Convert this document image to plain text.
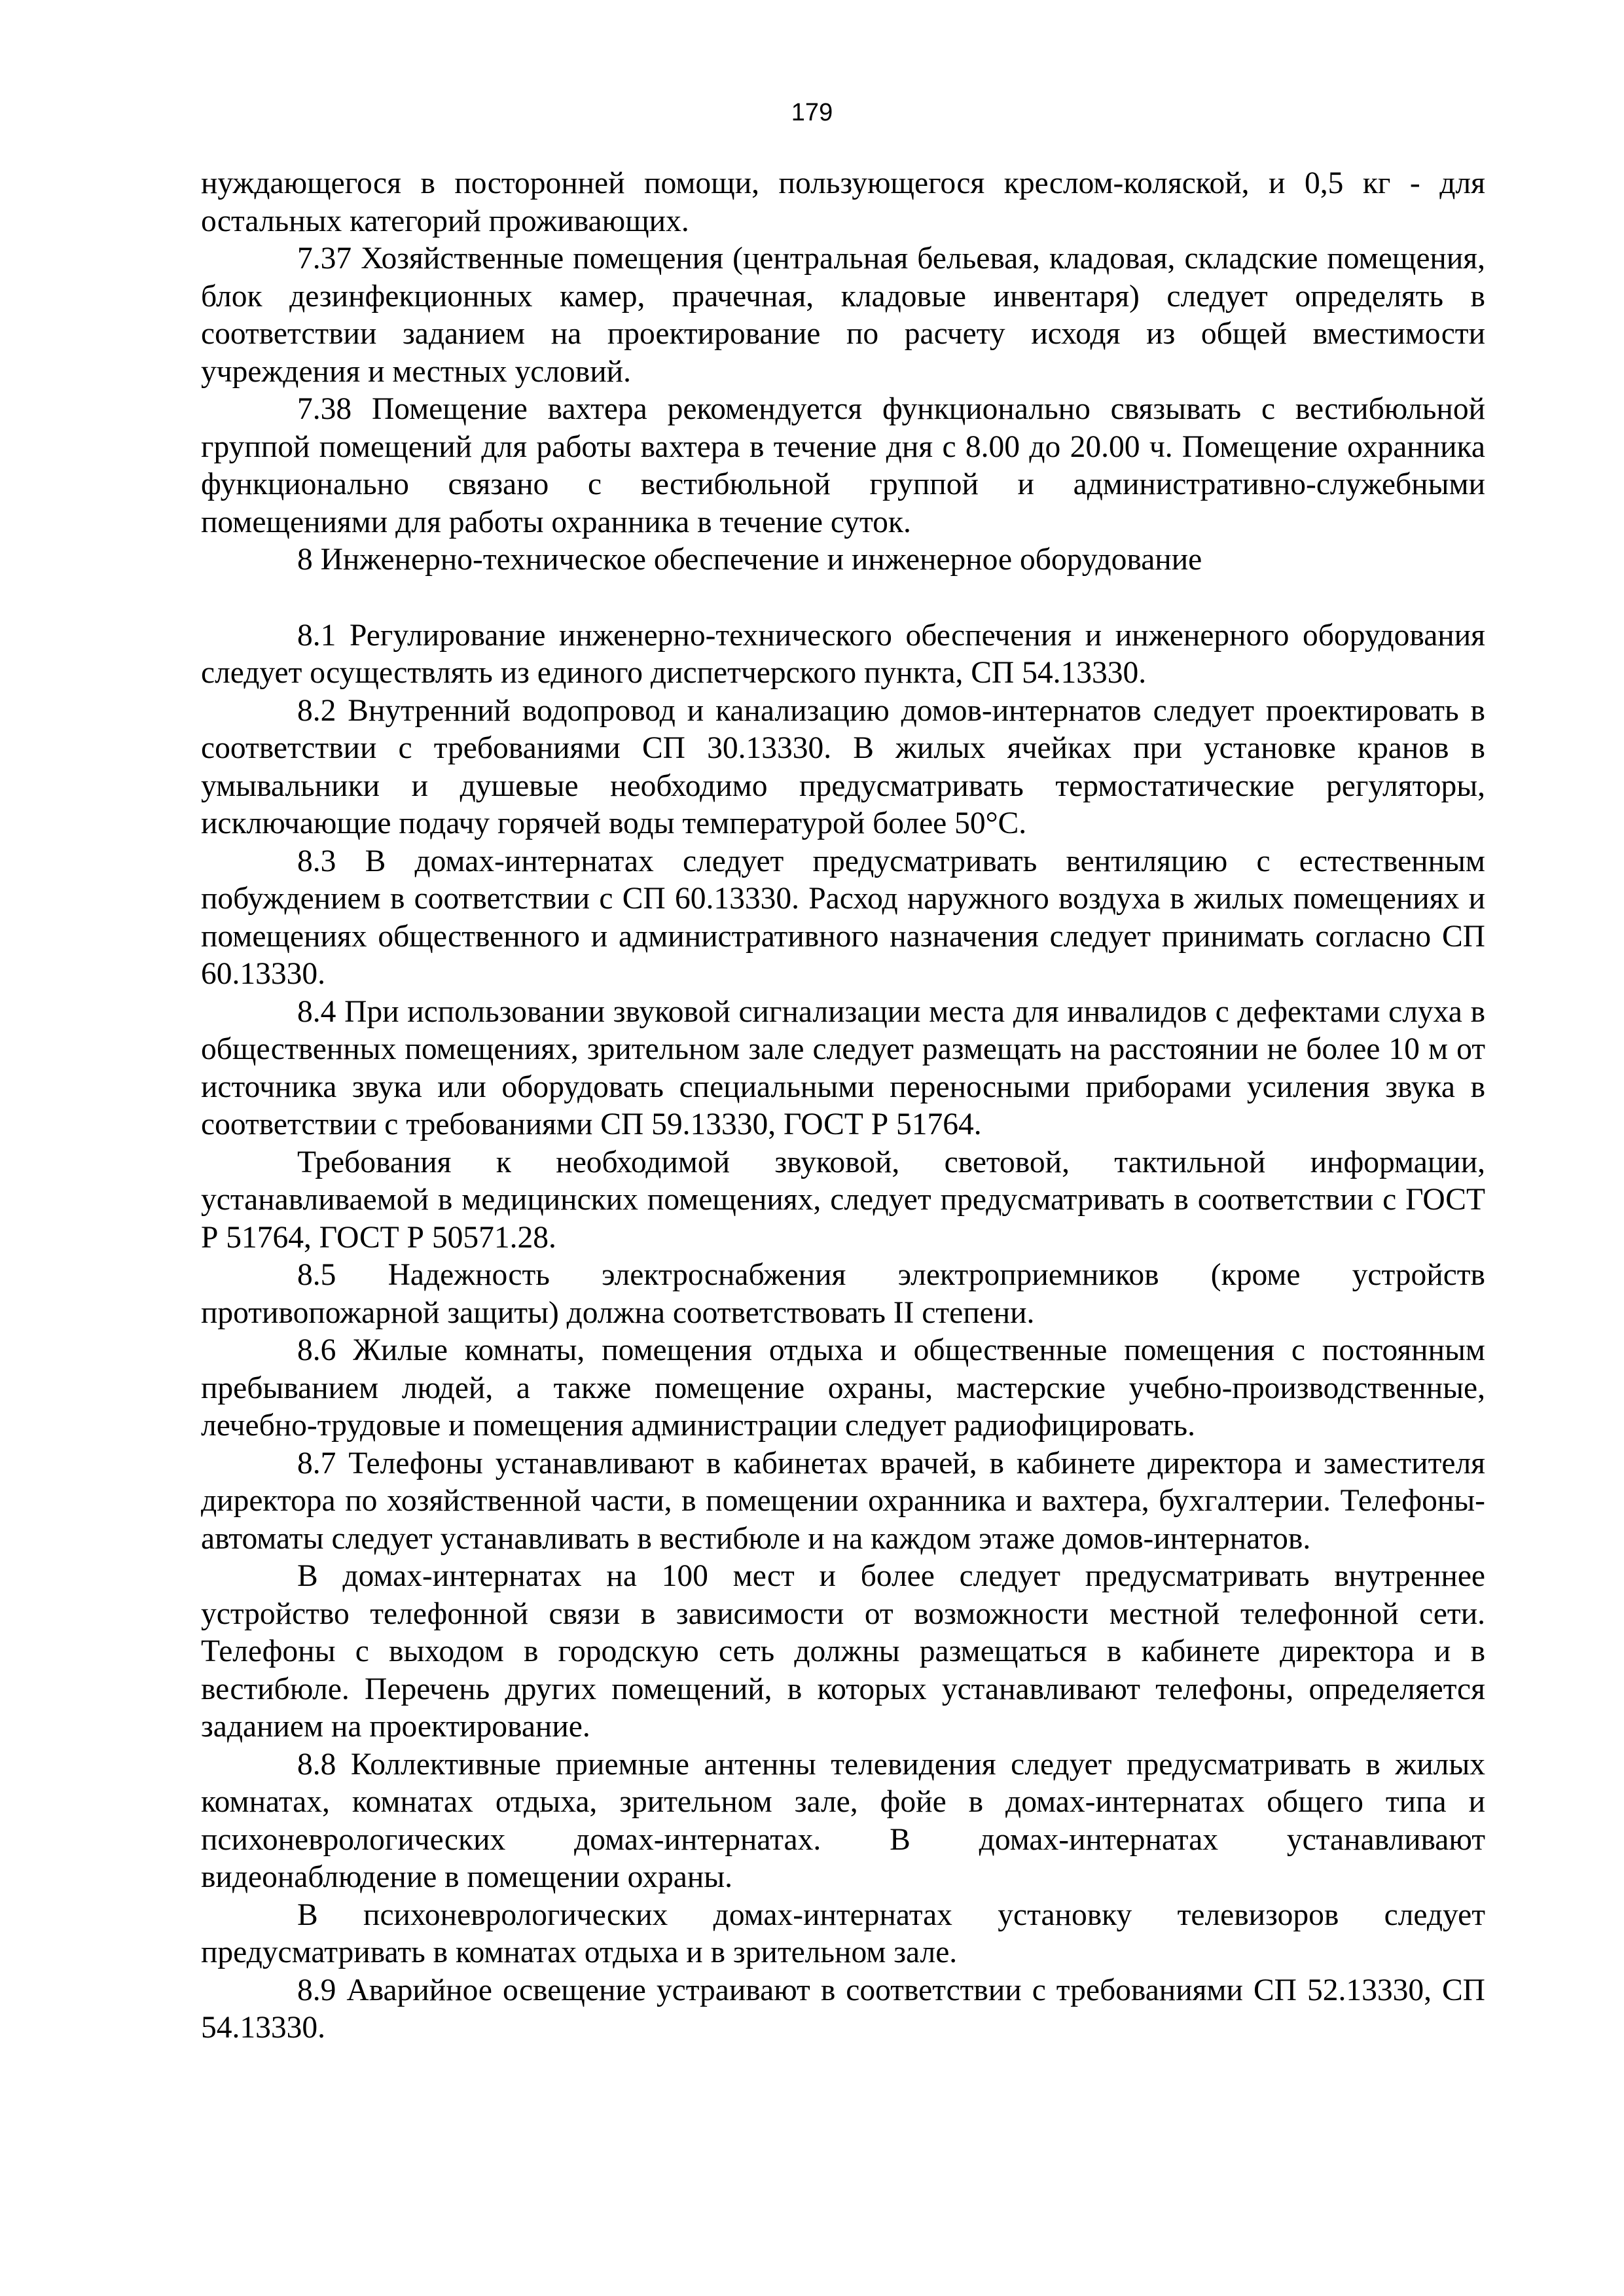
179

нуждающегося в посторонней помощи, пользующегося креслом-коляской, и 0,5 кг - для остальных категорий проживающих.

7.37 Хозяйственные помещения (центральная бельевая, кладовая, складские помещения, блок дезинфекционных камер, прачечная, кладовые инвентаря) следует определять в соответствии заданием на проектирование по расчету исходя из общей вместимости учреждения и местных условий.

7.38 Помещение вахтера рекомендуется функционально связывать с вестибюльной группой помещений для работы вахтера в течение дня с 8.00 до 20.00 ч. Помещение охранника функционально связано с вестибюльной группой и административно-служебными помещениями для работы охранника в течение суток.

8 Инженерно-техническое обеспечение и инженерное оборудование

8.1 Регулирование инженерно-технического обеспечения и инженерного оборудования следует осуществлять из единого диспетчерского пункта, СП 54.13330.

8.2 Внутренний водопровод и канализацию домов-интернатов следует проектировать в соответствии с требованиями СП 30.13330. В жилых ячейках при установке кранов в умывальники и душевые необходимо предусматривать термостатические регуляторы, исключающие подачу горячей воды температурой более 50°С.

8.3 В домах-интернатах следует предусматривать вентиляцию с естественным побуждением в соответствии с СП 60.13330. Расход наружного воздуха в жилых помещениях и помещениях общественного и административного назначения следует принимать согласно СП 60.13330.

8.4 При использовании звуковой сигнализации места для инвалидов с дефектами слуха в общественных помещениях, зрительном зале следует размещать на расстоянии не более 10 м от источника звука или оборудовать специальными переносными приборами усиления звука в соответствии с требованиями СП 59.13330, ГОСТ Р 51764.

Требования к необходимой звуковой, световой, тактильной информации, устанавливаемой в медицинских помещениях, следует предусматривать в соответствии с ГОСТ Р 51764, ГОСТ Р 50571.28.

8.5 Надежность электроснабжения электроприемников (кроме устройств противопожарной защиты) должна соответствовать II степени.

8.6 Жилые комнаты, помещения отдыха и общественные помещения с постоянным пребыванием людей, а также помещение охраны, мастерские учебно-производственные, лечебно-трудовые и помещения администрации следует радиофицировать.

8.7 Телефоны устанавливают в кабинетах врачей, в кабинете директора и заместителя директора по хозяйственной части, в помещении охранника и вахтера, бухгалтерии. Телефоны-автоматы следует устанавливать в вестибюле и на каждом этаже домов-интернатов.

В домах-интернатах на 100 мест и более следует предусматривать внутреннее устройство телефонной связи в зависимости от возможности местной телефонной сети. Телефоны с выходом в городскую сеть должны размещаться в кабинете директора и в вестибюле. Перечень других помещений, в которых устанавливают телефоны, определяется заданием на проектирование.

8.8 Коллективные приемные антенны телевидения следует предусматривать в жилых комнатах, комнатах отдыха, зрительном зале, фойе в домах-интернатах общего типа и психоневрологических домах-интернатах. В домах-интернатах устанавливают видеонаблюдение в помещении охраны.

В психоневрологических домах-интернатах установку телевизоров следует предусматривать в комнатах отдыха и в зрительном зале.

8.9 Аварийное освещение устраивают в соответствии с требованиями СП 52.13330, СП 54.13330.
